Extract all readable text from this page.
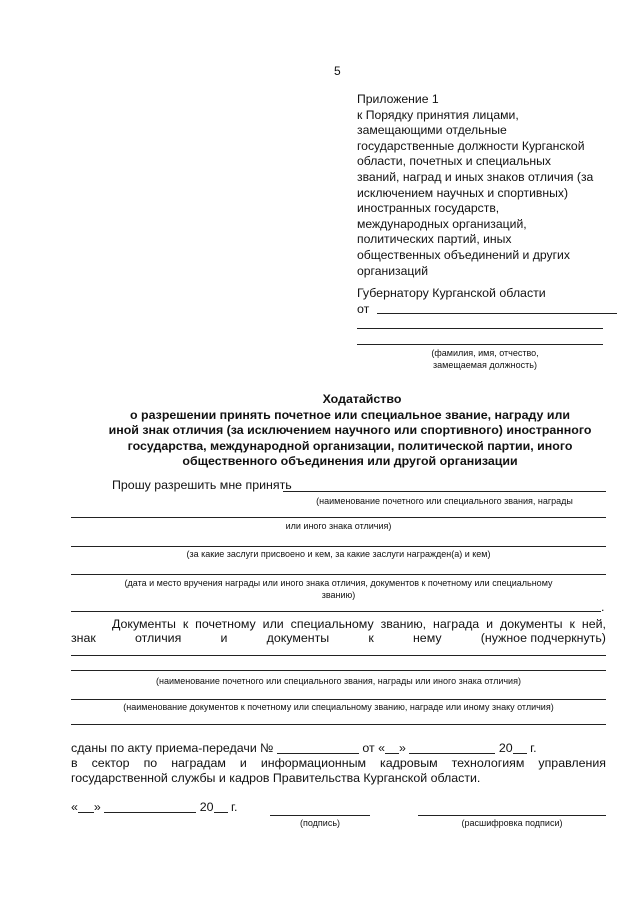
5
Приложение 1
к Порядку принятия лицами,
замещающими отдельные
государственные должности Курганской
области, почетных и специальных
званий, наград и иных знаков отличия (за
исключением научных и спортивных)
иностранных государств,
международных организаций,
политических партий, иных
общественных объединений и других
организаций
Губернатору Курганской области
от
(фамилия, имя, отчество,
замещаемая должность)
Ходатайство
о разрешении принять почетное или специальное звание, награду или
иной знак отличия (за исключением научного или спортивного) иностранного
государства, международной организации, политической партии, иного
общественного объединения или другой организации
Прошу разрешить мне принять
(наименование почетного или специального звания, награды
или иного знака отличия)
(за какие заслуги присвоено и кем, за какие заслуги награжден(а) и кем)
(дата и место вручения награды или иного знака отличия, документов к почетному или специальному
званию)
.
Документы к почетному или специальному званию, награда и документы к ней,
знак	отличия	и	документы	к	нему	(нужное подчеркнуть)
(наименование почетного или специального звания, награды или иного знака отличия)
(наименование документов к почетному или специальному званию, награде или иному знаку отличия)
сданы по акту приема-передачи №	от « »	20 г.
в сектор по наградам и информационным кадровым технологиям управления
государственной службы и кадров Правительства Курганской области.
« »	20 г.
(подпись)	(расшифровка подписи)
